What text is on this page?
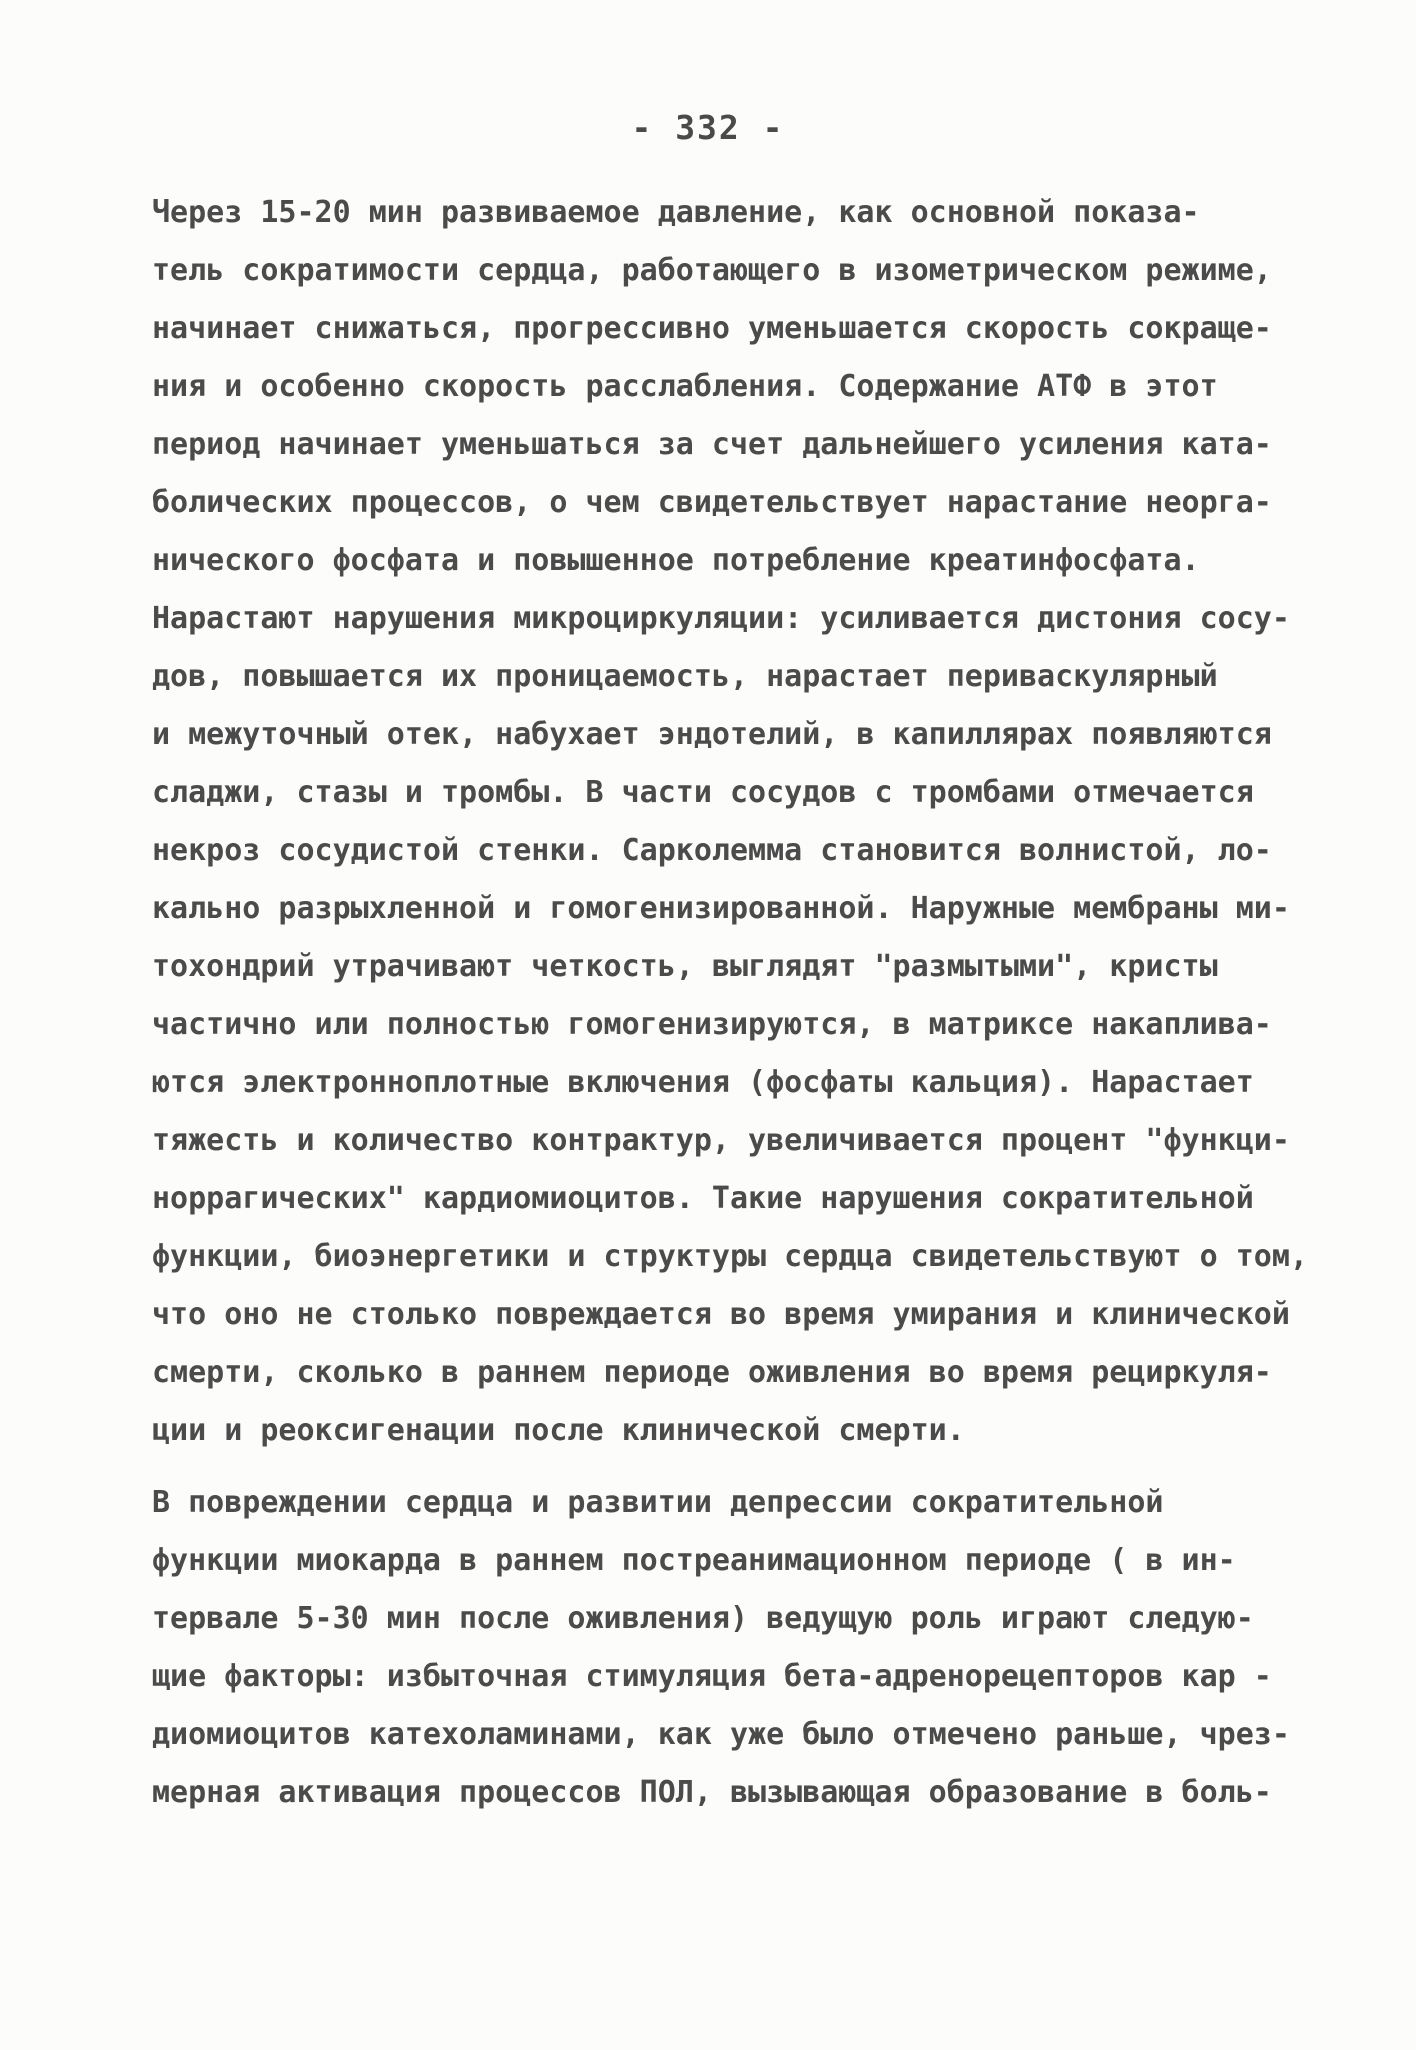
- 332 -
Через 15-20 мин развиваемое давление, как основной показа-
тель сократимости сердца, работающего в изометрическом режиме,
начинает снижаться, прогрессивно уменьшается скорость сокраще-
ния и особенно скорость расслабления. Содержание АТФ в этот
период начинает уменьшаться за счет дальнейшего усиления ката-
болических процессов, о чем свидетельствует нарастание неорга-
нического фосфата и повышенное потребление креатинфосфата.
Нарастают нарушения микроциркуляции: усиливается дистония сосу-
дов, повышается их проницаемость, нарастает периваскулярный
и межуточный отек, набухает эндотелий, в капиллярах появляются
сладжи, стазы и тромбы. В части сосудов с тромбами отмечается
некроз сосудистой стенки. Сарколемма становится волнистой, ло-
кально разрыхленной и гомогенизированной. Наружные мембраны ми-
тохондрий утрачивают четкость, выглядят "размытыми", кристы
частично или полностью гомогенизируются, в матриксе накаплива-
ются электронноплотные включения (фосфаты кальция). Нарастает
тяжесть и количество контрактур, увеличивается процент "функци-
норрагических" кардиомиоцитов. Такие нарушения сократительной
функции, биоэнергетики и структуры сердца свидетельствуют о том,
что оно не столько повреждается во время умирания и клинической
смерти, сколько в раннем периоде оживления во время рециркуля-
ции и реоксигенации после клинической смерти.
В повреждении сердца и развитии депрессии сократительной
функции миокарда в раннем постреанимационном периоде ( в ин-
тервале 5-30 мин после оживления) ведущую роль играют следую-
щие факторы: избыточная стимуляция бета-адренорецепторов кар -
диомиоцитов катехоламинами, как уже было отмечено раньше, чрез-
мерная активация процессов ПОЛ, вызывающая образование в боль-
